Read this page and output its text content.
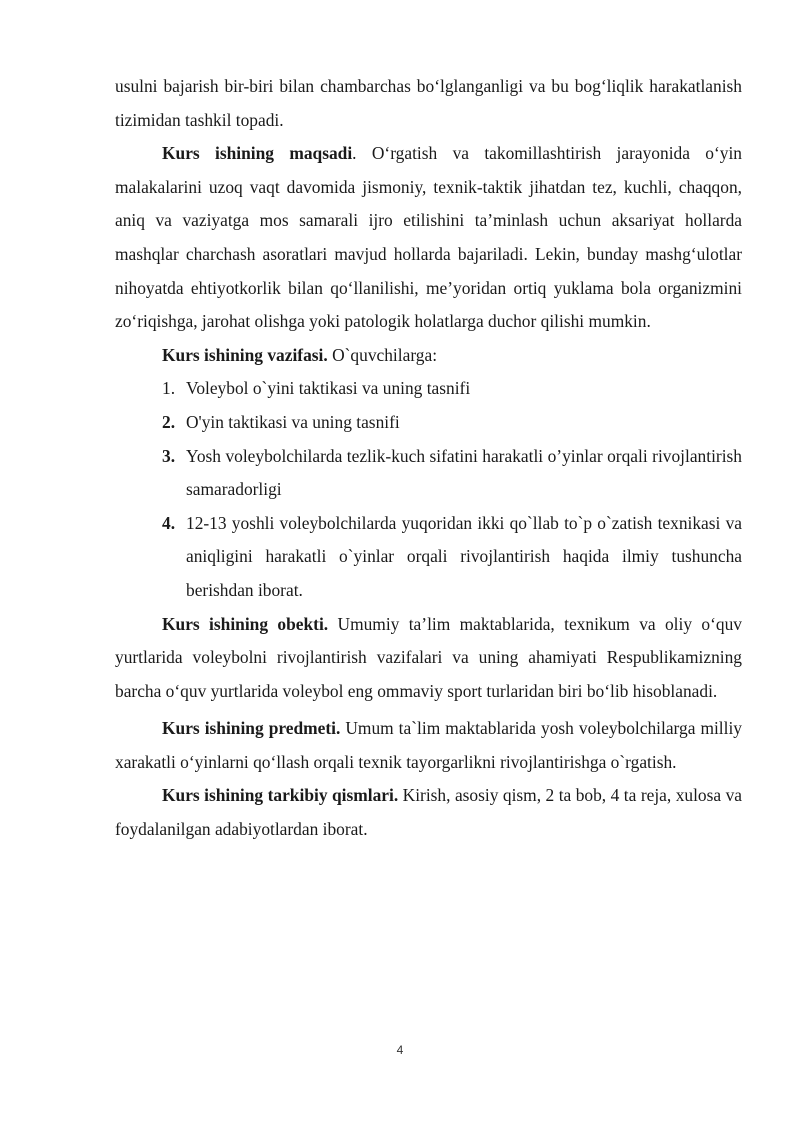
usulni bajarish bir-biri bilan chambarchas bo‘lglanganligi va bu bog‘liqlik harakatlanish tizimidan tashkil topadi.

Kurs ishining maqsadi. O‘rgatish va takomillashtirish jarayonida o‘yin malakalarini uzoq vaqt davomida jismoniy, texnik-taktik jihatdan tez, kuchli, chaqqon, aniq va vaziyatga mos samarali ijro etilishini ta’minlash uchun aksariyat hollarda mashqlar charchash asoratlari mavjud hollarda bajariladi. Lekin, bunday mashg‘ulotlar nihoyatda ehtiyotkorlik bilan qo‘llanilishi, me’yoridan ortiq yuklama bola organizmini zo‘riqishga, jarohat olishga yoki patologik holatlarga duchor qilishi mumkin.

Kurs ishining vazifasi. O`quvchilarga:

1. Voleybol o`yini taktikasi va uning tasnifi
2. O'yin taktikasi va uning tasnifi
3. Yosh voleybolchilarda tezlik-kuch sifatini harakatli o’yinlar orqali rivojlantirish samaradorligi
4. 12-13 yoshli voleybolchilarda yuqoridan ikki qo`llab to`p o`zatish texnikasi va aniqligini harakatli o`yinlar orqali rivojlantirish haqida ilmiy tushuncha berishdan iborat.

Kurs ishining obekti. Umumiy ta’lim maktablarida, texnikum va oliy o‘quv yurtlarida voleybolni rivojlantirish vazifalari va uning ahamiyati Respublikamizning barcha o‘quv yurtlarida voleybol eng ommaviy sport turlaridan biri bo‘lib hisoblanadi.

Kurs ishining predmeti. Umum ta`lim maktablarida yosh voleybolchilarga milliy xarakatli o‘yinlarni qo‘llash orqali texnik tayorgarlikni rivojlantirishga o`rgatish.

Kurs ishining tarkibiy qismlari. Kirish, asosiy qism, 2 ta bob, 4 ta reja, xulosa va foydalanilgan adabiyotlardan iborat.

4
